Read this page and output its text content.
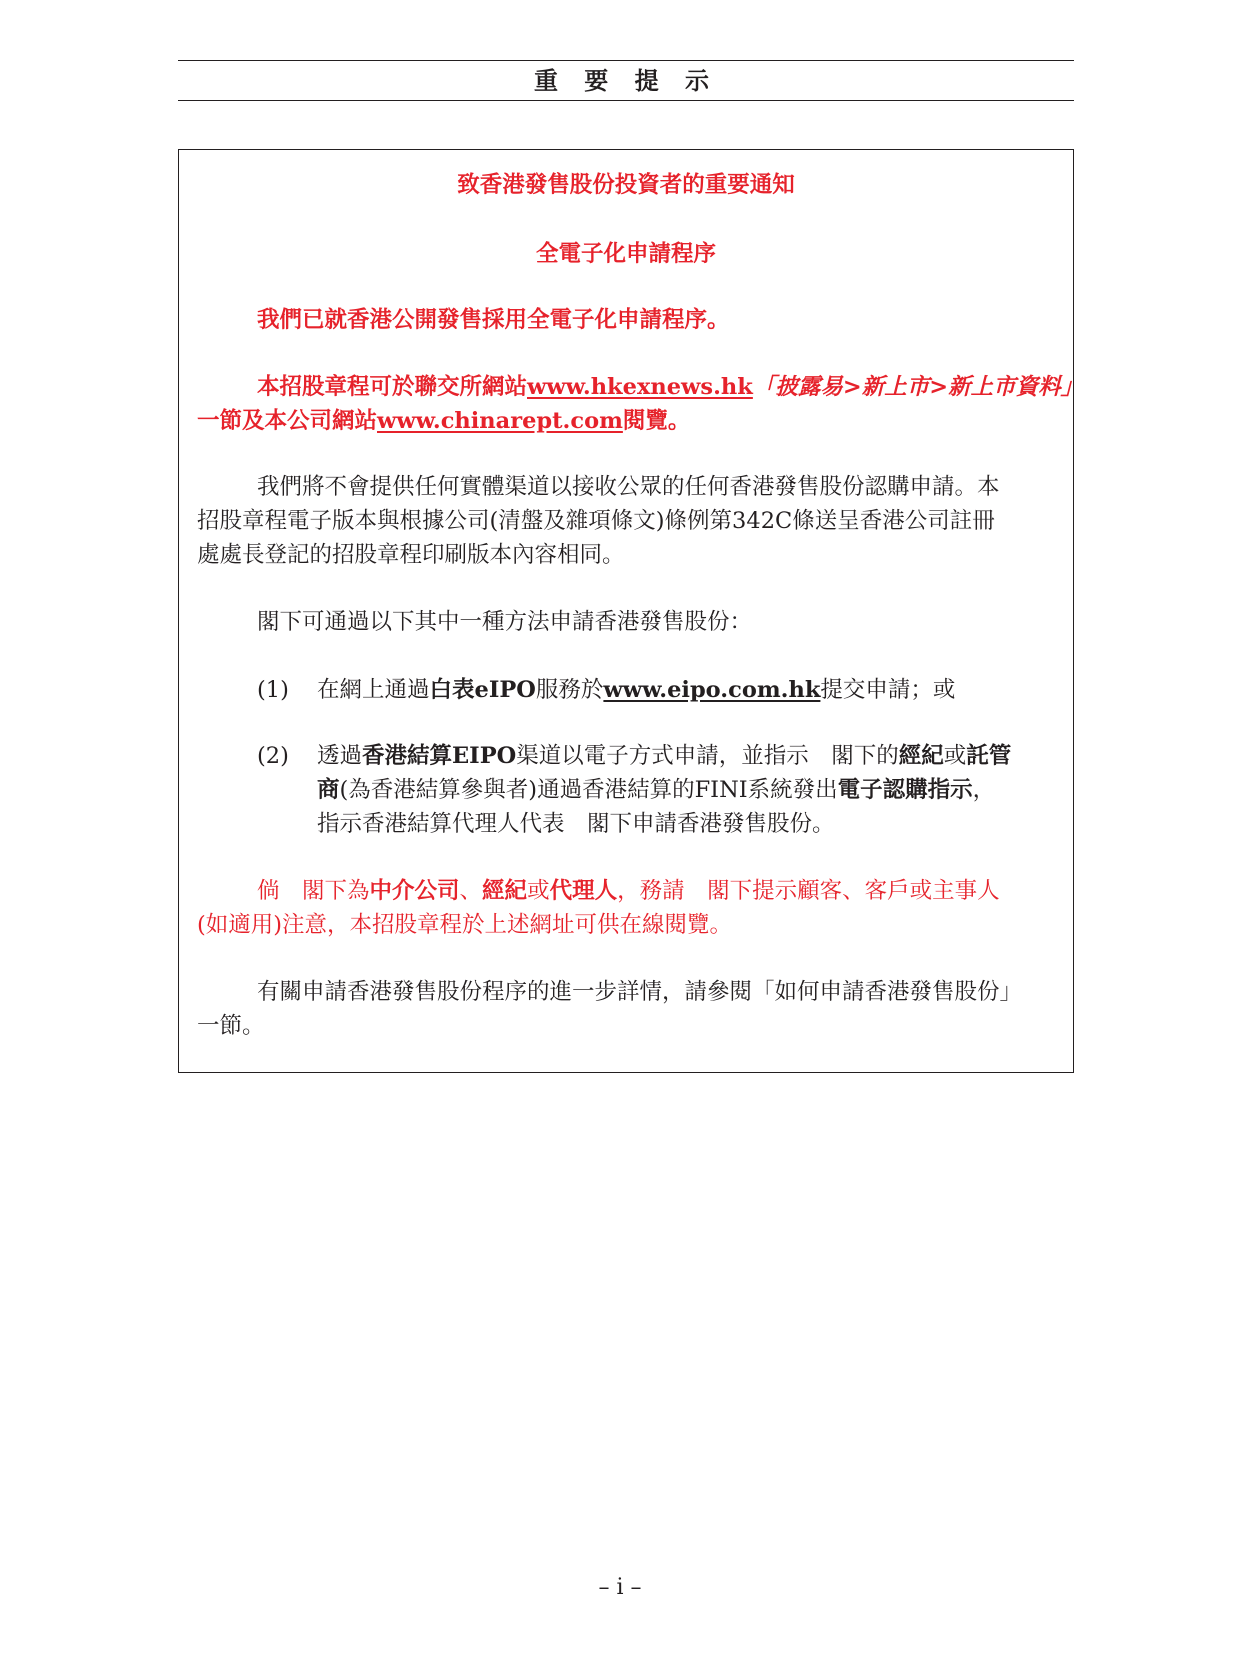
重 要 提 示

致香港發售股份投資者的重要通知

全電子化申請程序

我們已就香港公開發售採用全電子化申請程序。

本招股章程可於聯交所網站www.hkexnews.hk「披露易>新上市>新上市資料」

一節及本公司網站www.chinarept.com閱覽。

我們將不會提供任何實體渠道以接收公眾的任何香港發售股份認購申請。本

招股章程電子版本與根據公司(清盤及雜項條文)條例第342C條送呈香港公司註冊

處處長登記的招股章程印刷版本內容相同。

閣下可通過以下其中一種方法申請香港發售股份：

(1) 在網上通過白表eIPO服務於www.eipo.com.hk提交申請；或

(2) 透過香港結算EIPO渠道以電子方式申請，並指示　閣下的經紀或託管

商(為香港結算參與者)通過香港結算的FINI系統發出電子認購指示，

指示香港結算代理人代表　閣下申請香港發售股份。

倘　閣下為中介公司、經紀或代理人，務請　閣下提示顧客、客戶或主事人

(如適用)注意，本招股章程於上述網址可供在線閱覽。

有關申請香港發售股份程序的進一步詳情，請參閱「如何申請香港發售股份」

一節。

– i –
